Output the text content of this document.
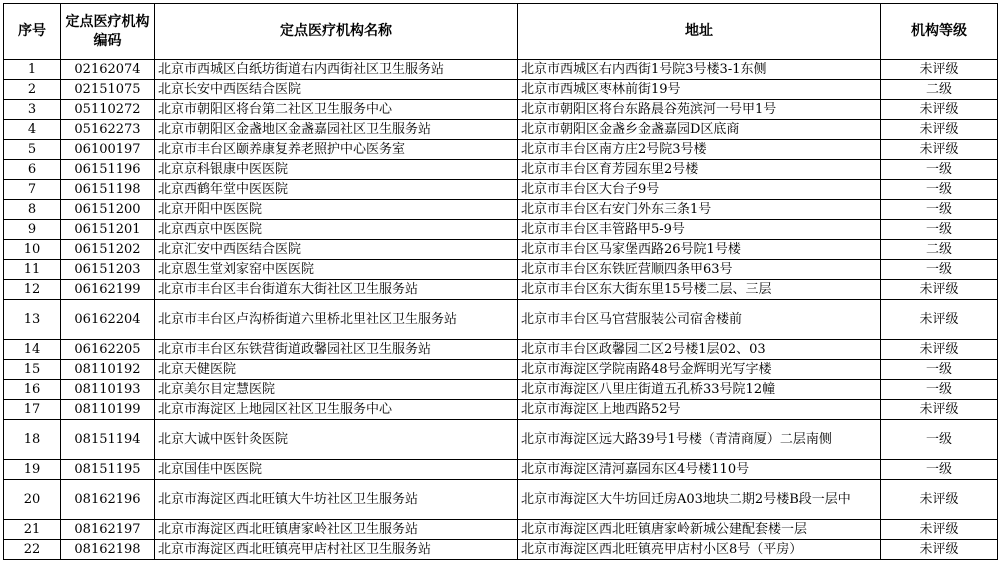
序号	定点医疗机构编码	定点医疗机构名称	地址	机构等级
1	02162074	北京市西城区白纸坊街道右内西街社区卫生服务站	北京市西城区右内西街1号院3号楼3-1东侧	未评级
2	02151075	北京长安中西医结合医院	北京市西城区枣林前街19号	二级
3	05110272	北京市朝阳区将台第二社区卫生服务中心	北京市朝阳区将台东路晨谷苑滨河一号甲1号	未评级
4	05162273	北京市朝阳区金盏地区金盏嘉园社区卫生服务站	北京市朝阳区金盏乡金盏嘉园D区底商	未评级
5	06100197	北京市丰台区颐养康复养老照护中心医务室	北京市丰台区南方庄2号院3号楼	未评级
6	06151196	北京京科银康中医医院	北京市丰台区育芳园东里2号楼	一级
7	06151198	北京西鹤年堂中医医院	北京市丰台区大台子9号	一级
8	06151200	北京开阳中医医院	北京市丰台区右安门外东三条1号	一级
9	06151201	北京西京中医医院	北京市丰台区丰管路甲5-9号	一级
10	06151202	北京汇安中西医结合医院	北京市丰台区马家堡西路26号院1号楼	二级
11	06151203	北京恩生堂刘家窑中医医院	北京市丰台区东铁匠营顺四条甲63号	一级
12	06162199	北京市丰台区丰台街道东大街社区卫生服务站	北京市丰台区东大街东里15号楼二层、三层	未评级
13	06162204	北京市丰台区卢沟桥街道六里桥北里社区卫生服务站	北京市丰台区马官营服装公司宿舍楼前	未评级
14	06162205	北京市丰台区东铁营街道政馨园社区卫生服务站	北京市丰台区政馨园二区2号楼1层02、03	未评级
15	08110192	北京天健医院	北京市海淀区学院南路48号金辉明光写字楼	一级
16	08110193	北京美尔目定慧医院	北京市海淀区八里庄街道五孔桥33号院12幢	一级
17	08110199	北京市海淀区上地园区社区卫生服务中心	北京市海淀区上地西路52号	未评级
18	08151194	北京大诚中医针灸医院	北京市海淀区远大路39号1号楼（青清商厦）二层南侧	一级
19	08151195	北京国佳中医医院	北京市海淀区清河嘉园东区4号楼110号	一级
20	08162196	北京市海淀区西北旺镇大牛坊社区卫生服务站	北京市海淀区大牛坊回迁房A03地块二期2号楼B段一层中	未评级
21	08162197	北京市海淀区西北旺镇唐家岭社区卫生服务站	北京市海淀区西北旺镇唐家岭新城公建配套楼一层	未评级
22	08162198	北京市海淀区西北旺镇亮甲店村社区卫生服务站	北京市海淀区西北旺镇亮甲店村小区8号（平房）	未评级
